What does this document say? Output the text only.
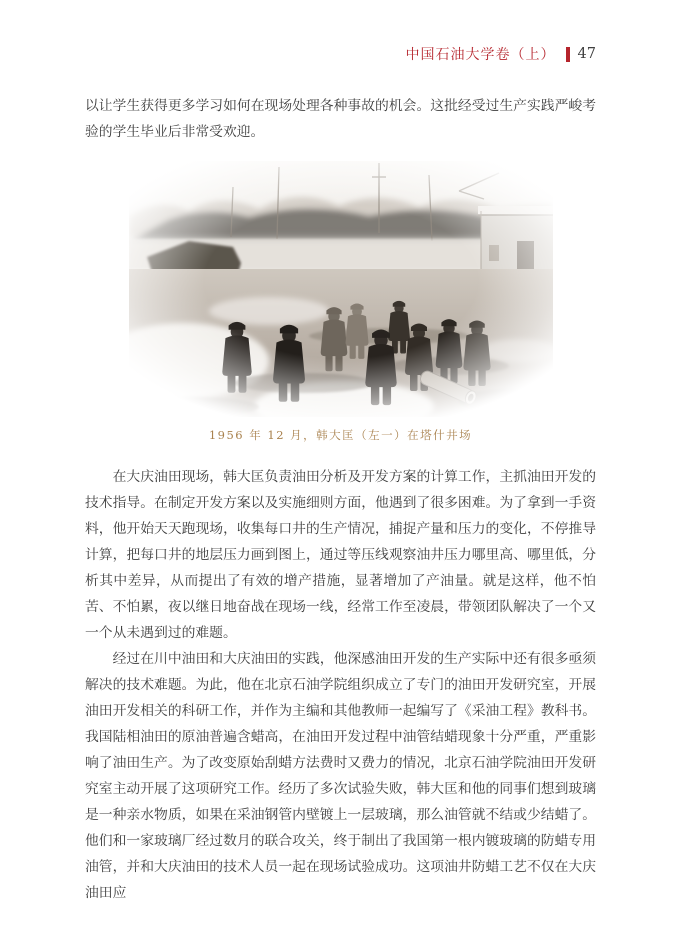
中国石油大学卷（上） 47

以让学生获得更多学习如何在现场处理各种事故的机会。这批经受过生产实践严峻考验的学生毕业后非常受欢迎。

1956 年 12 月，韩大匡（左一）在塔什井场

在大庆油田现场，韩大匡负责油田分析及开发方案的计算工作，主抓油田开发的技术指导。在制定开发方案以及实施细则方面，他遇到了很多困难。为了拿到一手资料，他开始天天跑现场，收集每口井的生产情况，捕捉产量和压力的变化，不停推导计算，把每口井的地层压力画到图上，通过等压线观察油井压力哪里高、哪里低，分析其中差异，从而提出了有效的增产措施，显著增加了产油量。就是这样，他不怕苦、不怕累，夜以继日地奋战在现场一线，经常工作至凌晨，带领团队解决了一个又一个从未遇到过的难题。

经过在川中油田和大庆油田的实践，他深感油田开发的生产实际中还有很多亟须解决的技术难题。为此，他在北京石油学院组织成立了专门的油田开发研究室，开展油田开发相关的科研工作，并作为主编和其他教师一起编写了《采油工程》教科书。我国陆相油田的原油普遍含蜡高，在油田开发过程中油管结蜡现象十分严重，严重影响了油田生产。为了改变原始刮蜡方法费时又费力的情况，北京石油学院油田开发研究室主动开展了这项研究工作。经历了多次试验失败，韩大匡和他的同事们想到玻璃是一种亲水物质，如果在采油钢管内壁镀上一层玻璃，那么油管就不结或少结蜡了。他们和一家玻璃厂经过数月的联合攻关，终于制出了我国第一根内镀玻璃的防蜡专用油管，并和大庆油田的技术人员一起在现场试验成功。这项油井防蜡工艺不仅在大庆油田应
